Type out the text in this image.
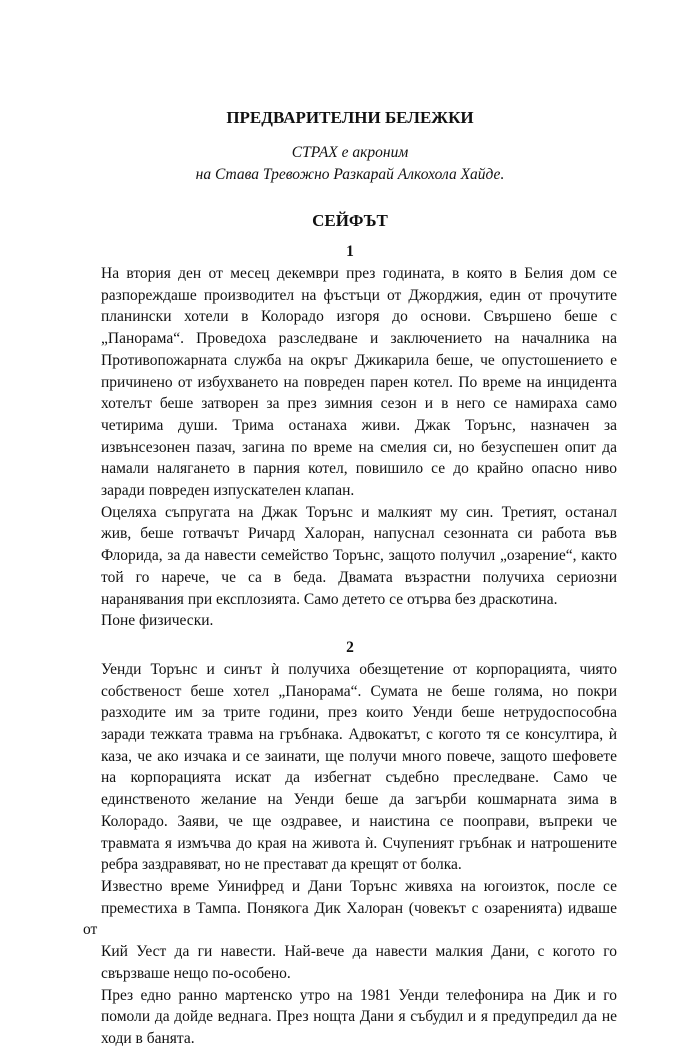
ПРЕДВАРИТЕЛНИ БЕЛЕЖКИ
СТРАХ е акроним
на Става Тревожно Разкарай Алкохола Хайде.
СЕЙФЪТ
1

На втория ден от месец декември през годината, в която в Белия дом се
разпореждаше производител на фъстъци от Джорджия, един от прочутите
планински хотели в Колорадо изгоря до основи. Свършено беше с
„Панорама“. Проведоха разследване и заключението на началника на
Противопожарната служба на окръг Джикарила беше, че опустошението е
причинено от избухването на повреден парен котел. По време на инцидента
хотелът беше затворен за през зимния сезон и в него се намираха само
четирима души. Трима останаха живи. Джак Торънс, назначен за
извънсезонен пазач, загина по време на смелия си, но безуспешен опит да
намали налягането в парния котел, повишило се до крайно опасно ниво
заради повреден изпускателен клапан.

Оцеляха съпругата на Джак Торънс и малкият му син. Третият, останал
жив, беше готвачът Ричард Халоран, напуснал сезонната си работа във
Флорида, за да навести семейство Торънс, защото получил „озарение“, както
той го нарече, че са в беда. Двамата възрастни получиха сериозни
наранявания при експлозията. Само детето се отърва без драскотина.

Поне физически.

2

Уенди Торънс и синът ѝ получиха обезщетение от корпорацията, чиято
собственост беше хотел „Панорама“. Сумата не беше голяма, но покри
разходите им за трите години, през които Уенди беше нетрудоспособна
заради тежката травма на гръбнака. Адвокатът, с когото тя се консултира, ѝ
каза, че ако изчака и се заинати, ще получи много повече, защото шефовете
на корпорацията искат да избегнат съдебно преследване. Само че
единственото желание на Уенди беше да загърби кошмарната зима в
Колорадо. Заяви, че ще оздравее, и наистина се пооправи, въпреки че
травмата я измъчва до края на живота ѝ. Счупеният гръбнак и натрошените
ребра заздравяват, но не престават да крещят от болка.

Известно време Уинифред и Дани Торънс живяха на югоизток, после се
преместиха в Тампа. Понякога Дик Халоран (човекът с озаренията) идваше от
Кий Уест да ги навести. Най-вече да навести малкия Дани, с когото го
свързваше нещо по-особено.

През едно ранно мартенско утро на 1981 Уенди телефонира на Дик и го
помоли да дойде веднага. През нощта Дани я събудил и я предупредил да не
ходи в банята.
